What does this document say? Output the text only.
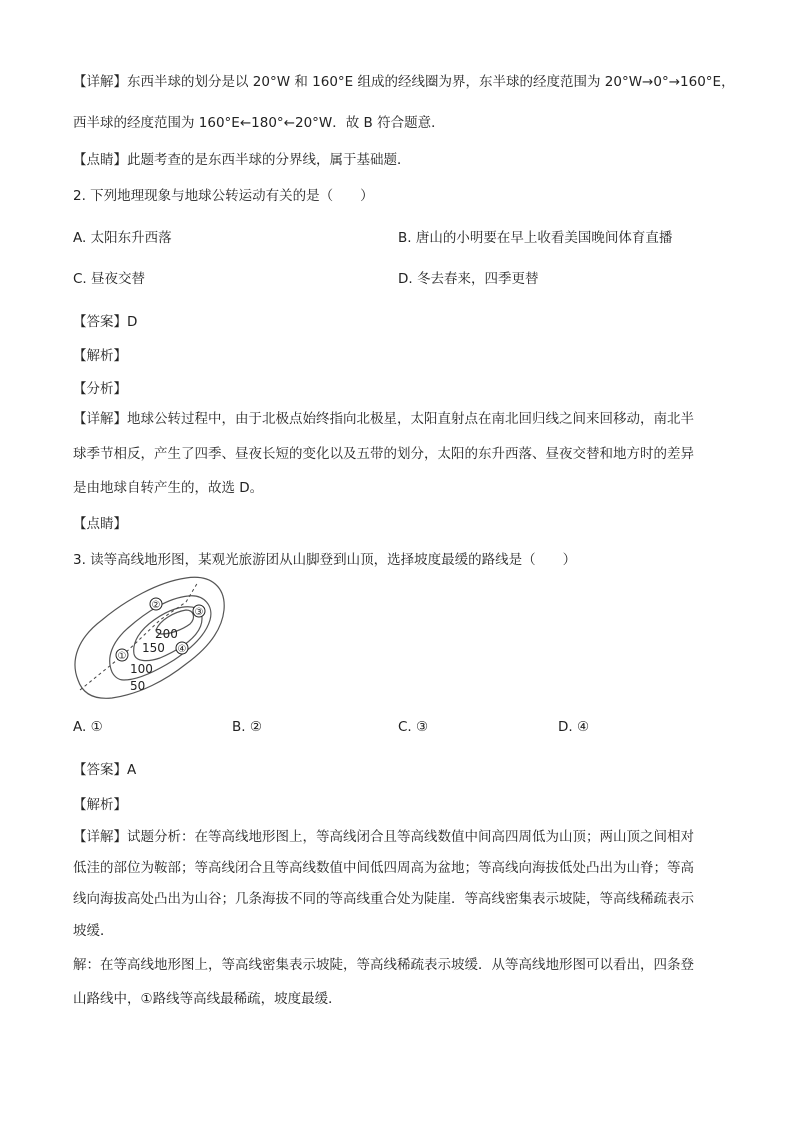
【详解】东西半球的划分是以 20°W 和 160°E 组成的经线圈为界，东半球的经度范围为 20°W→0°→160°E，
西半球的经度范围为 160°E←180°←20°W．故 B 符合题意．
【点睛】此题考查的是东西半球的分界线，属于基础题．
2. 下列地理现象与地球公转运动有关的是（　　）
A. 太阳东升西落	B. 唐山的小明要在早上收看美国晚间体育直播
C. 昼夜交替	D. 冬去春来，四季更替
【答案】D
【解析】
【分析】
【详解】地球公转过程中，由于北极点始终指向北极星，太阳直射点在南北回归线之间来回移动，南北半
球季节相反，产生了四季、昼夜长短的变化以及五带的划分，太阳的东升西落、昼夜交替和地方时的差异
是由地球自转产生的，故选 D。
【点睛】
3. 读等高线地形图，某观光旅游团从山脚登到山顶，选择坡度最缓的路线是（　　）
①
②
③
④
200
150
100
50
A. ①	B. ②	C. ③	D. ④
【答案】A
【解析】
【详解】试题分析：在等高线地形图上，等高线闭合且等高线数值中间高四周低为山顶；两山顶之间相对
低洼的部位为鞍部；等高线闭合且等高线数值中间低四周高为盆地；等高线向海拔低处凸出为山脊；等高
线向海拔高处凸出为山谷；几条海拔不同的等高线重合处为陡崖．等高线密集表示坡陡，等高线稀疏表示
坡缓．
解：在等高线地形图上，等高线密集表示坡陡，等高线稀疏表示坡缓．从等高线地形图可以看出，四条登
山路线中，①路线等高线最稀疏，坡度最缓．
